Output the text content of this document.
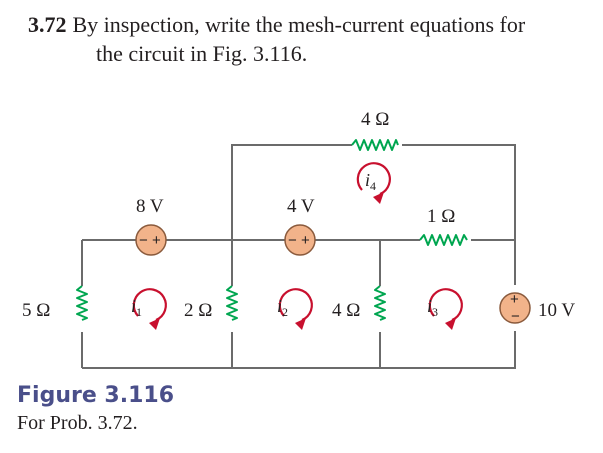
3.72 By inspection, write the mesh-current equations for
the circuit in Fig. 3.116.
5 Ω	2 Ω	4 Ω
4 Ω
1 Ω
− +
8 V
− +
4 V
+
− 10 V
$i_1$	$i_2$	$i_3$
$i_4$
Figure 3.116
For Prob. 3.72.
